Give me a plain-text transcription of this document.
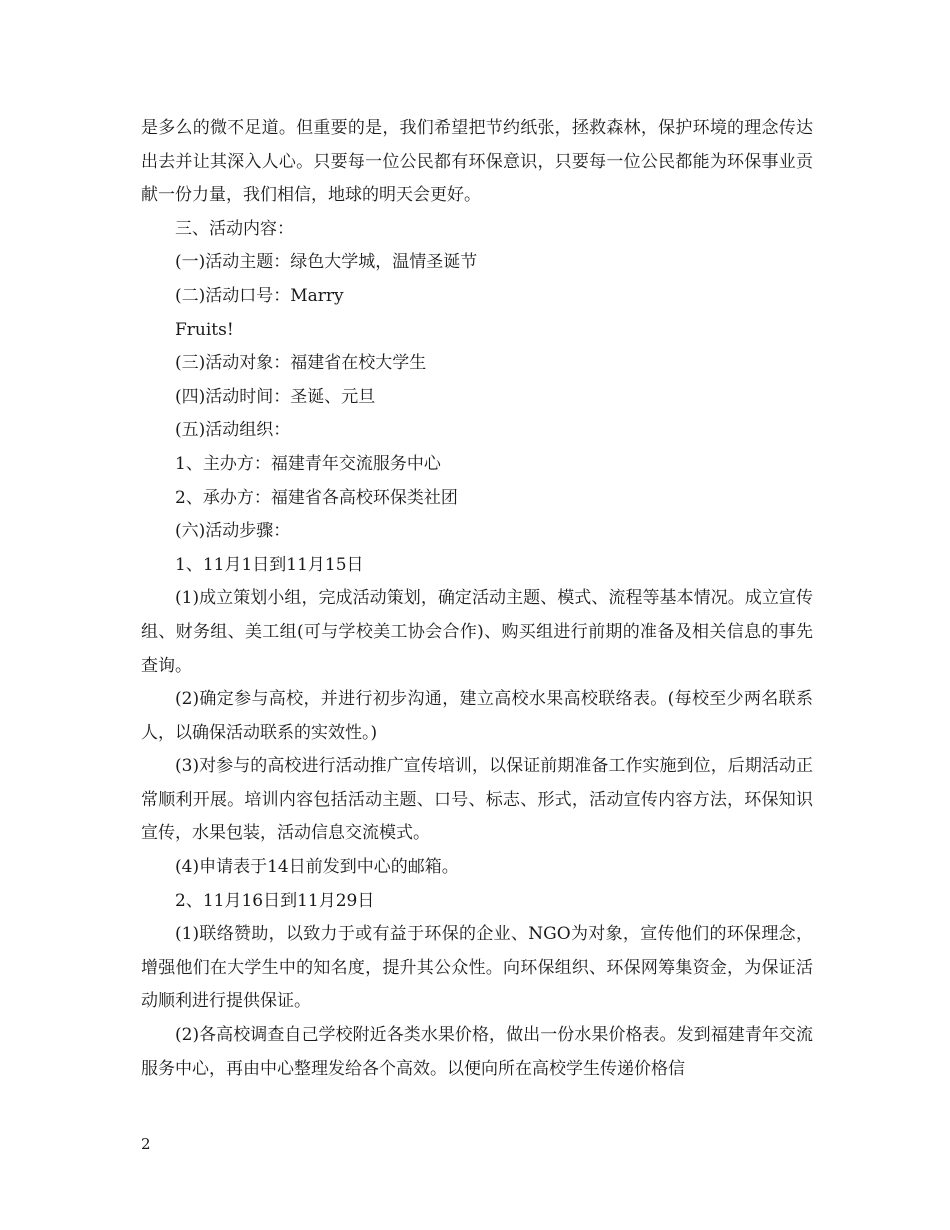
是多么的微不足道。但重要的是，我们希望把节约纸张，拯救森林，保护环境的理念传达出去并让其深入人心。只要每一位公民都有环保意识，只要每一位公民都能为环保事业贡献一份力量，我们相信，地球的明天会更好。

三、活动内容：

(一)活动主题：绿色大学城，温情圣诞节

(二)活动口号：Marry

Fruits!

(三)活动对象：福建省在校大学生

(四)活动时间：圣诞、元旦

(五)活动组织：

1、主办方：福建青年交流服务中心

2、承办方：福建省各高校环保类社团

(六)活动步骤：

1、11月1日到11月15日

(1)成立策划小组，完成活动策划，确定活动主题、模式、流程等基本情况。成立宣传组、财务组、美工组(可与学校美工协会合作)、购买组进行前期的准备及相关信息的事先查询。

(2)确定参与高校，并进行初步沟通，建立高校水果高校联络表。(每校至少两名联系人，以确保活动联系的实效性。)

(3)对参与的高校进行活动推广宣传培训，以保证前期准备工作实施到位，后期活动正常顺利开展。培训内容包括活动主题、口号、标志、形式，活动宣传内容方法，环保知识宣传，水果包装，活动信息交流模式。

(4)申请表于14日前发到中心的邮箱。

2、11月16日到11月29日

(1)联络赞助，以致力于或有益于环保的企业、NGO为对象，宣传他们的环保理念，增强他们在大学生中的知名度，提升其公众性。向环保组织、环保网筹集资金，为保证活动顺利进行提供保证。

(2)各高校调查自己学校附近各类水果价格，做出一份水果价格表。发到福建青年交流服务中心，再由中心整理发给各个高效。以便向所在高校学生传递价格信

2
